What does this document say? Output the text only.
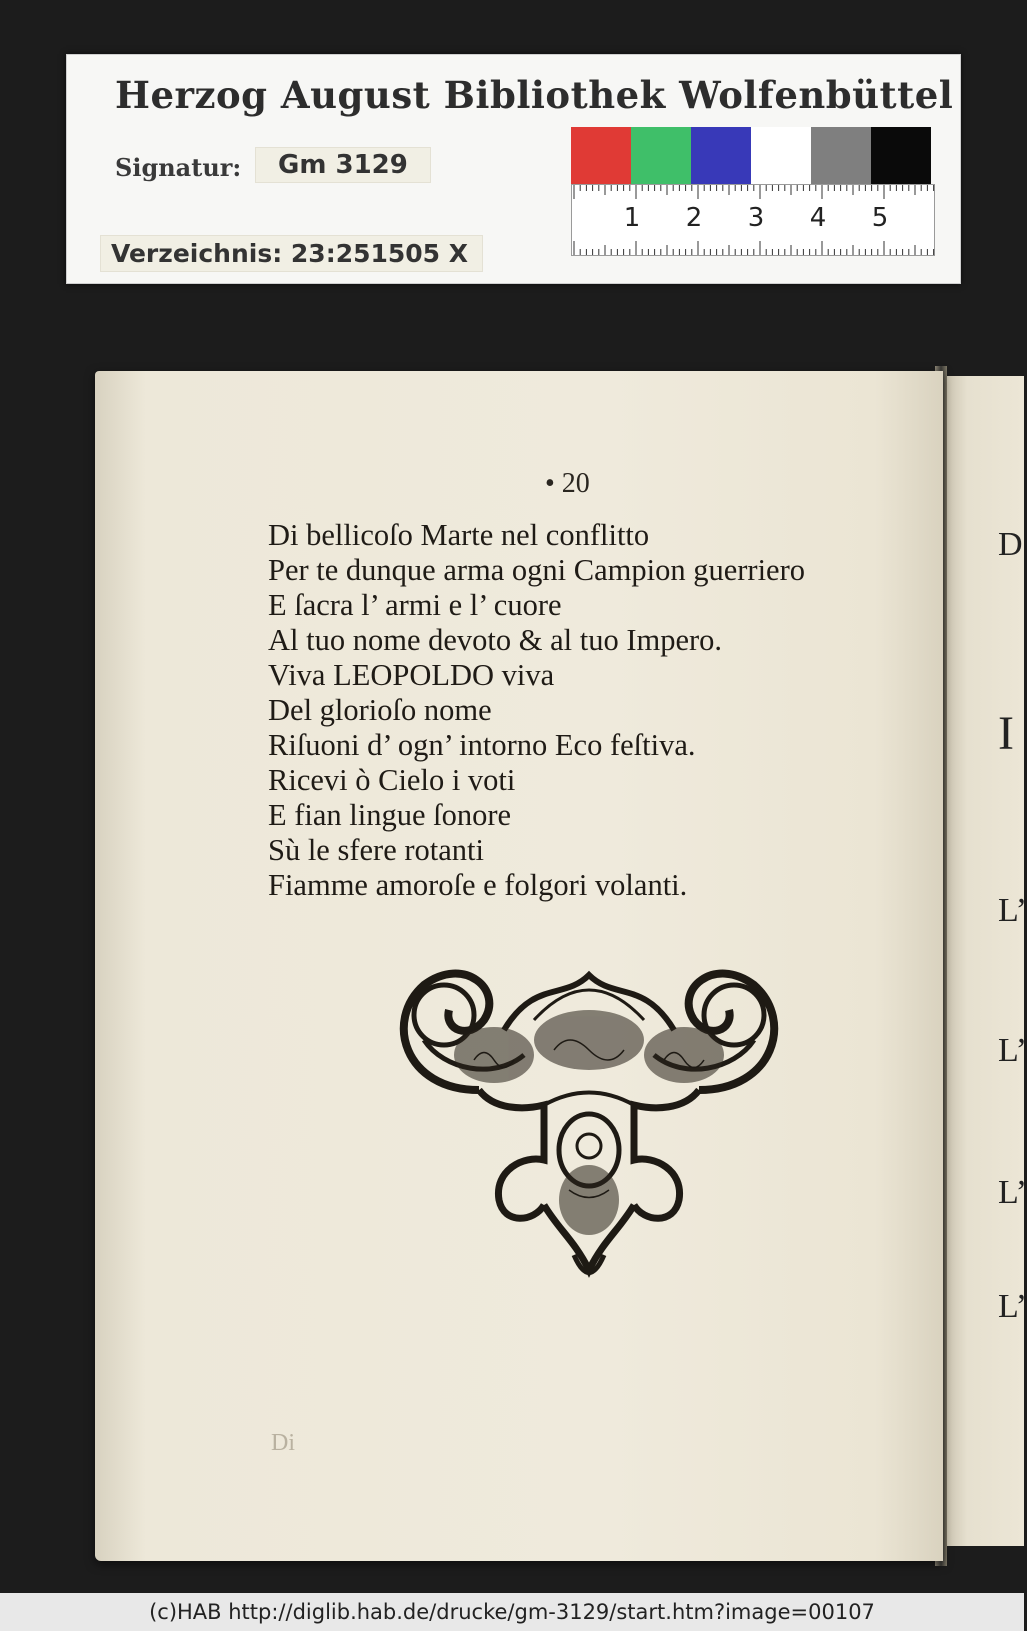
Herzog August Bibliothek Wolfenbüttel
Signatur:	Gm 3129
Verzeichnis: 23:251505 X
1 2 3 4 5
D
I
L’
L’
L’
L’
• 20
Di bellicoſo Marte nel conflitto
Per te dunque arma ogni Campion guerriero
E ſacra l’ armi e l’ cuore
Al tuo nome devoto & al tuo Impero.
Viva LEOPOLDO viva
Del glorioſo nome
Riſuoni d’ ogn’ intorno Eco feſtiva.
Ricevi ò Cielo i voti
E fian lingue ſonore
Sù le sfere rotanti
Fiamme amoroſe e folgori volanti.
Di
(c)HAB http://diglib.hab.de/drucke/gm-3129/start.htm?image=00107
